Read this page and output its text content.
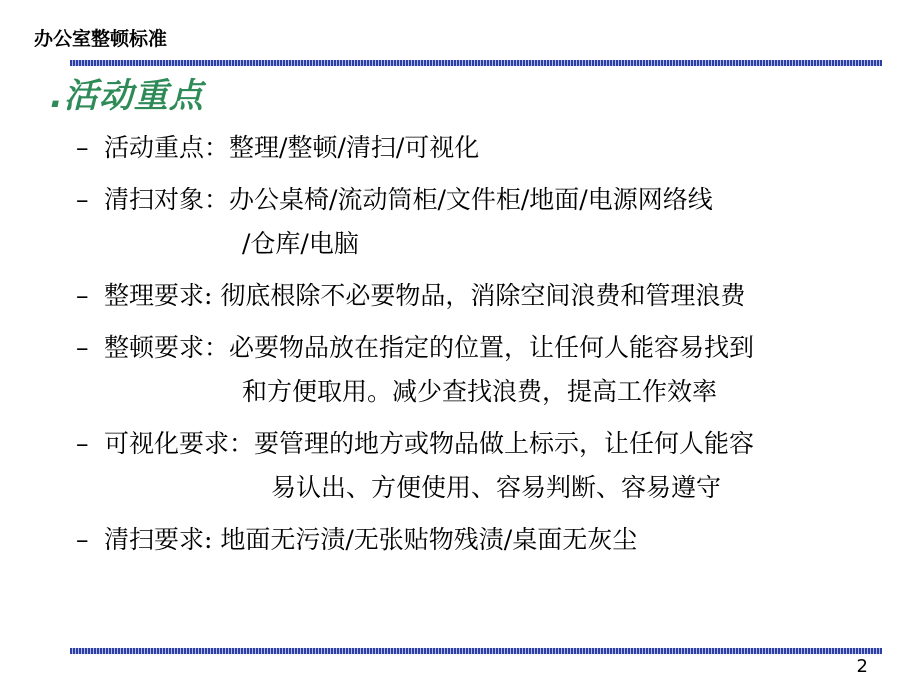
办公室整顿标准
.活动重点
– 活动重点：整理/整顿/清扫/可视化
– 清扫对象：办公桌椅/流动筒柜/文件柜/地面/电源网络线
/仓库/电脑
– 整理要求: 彻底根除不必要物品，消除空间浪费和管理浪费
– 整顿要求：必要物品放在指定的位置，让任何人能容易找到
和方便取用。减少查找浪费，提高工作效率
– 可视化要求：要管理的地方或物品做上标示，让任何人能容
易认出、方便使用、容易判断、容易遵守
– 清扫要求: 地面无污渍/无张贴物残渍/桌面无灰尘
2
